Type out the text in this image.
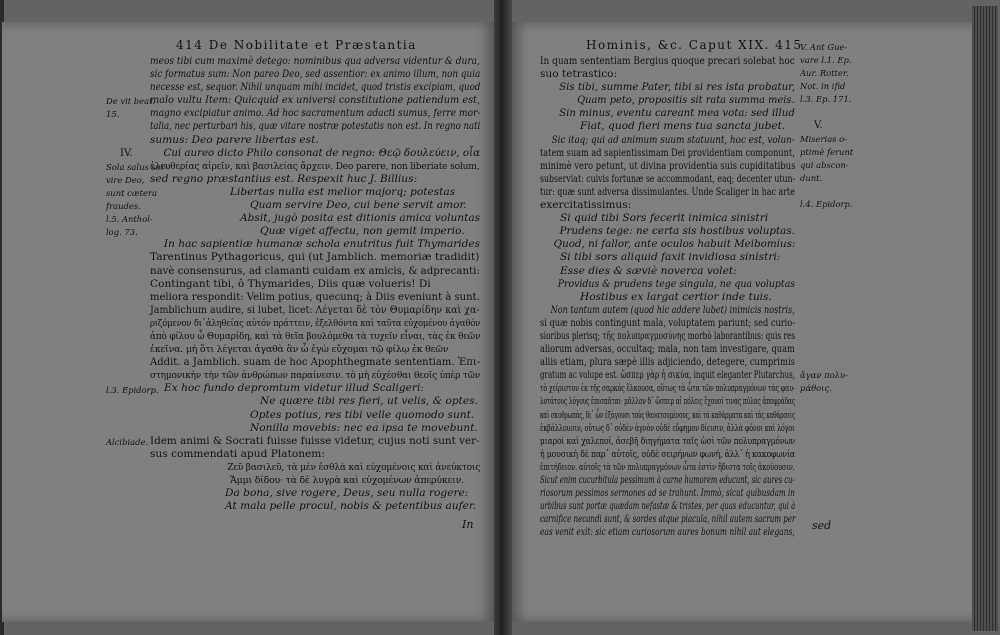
414 De Nobilitate et Præstantia	Hominis, &c. Caput XIX. 415
meos tibi cum maximè detego: nominibus qua adversa videntur & dura,
sic formatus sum: Non pareo Deo, sed assentior: ex animo illum, non quia
necesse est, sequor. Nihil unquam mihi incidet, quod tristis excipiam, quod
malo vultu Item: Quicquid ex universi constitutione patiendum est,
magno excipiatur animo. Ad hoc sacramentum adacti sumus, ferre mor-
talia, nec perturbari his, quæ vitare nostræ potestatis non est. In regno nati
sumus: Deo parere libertas est.
Cui aureo dicto Philo consonat de regno: Θεῷ δουλεύειν, οἷα
ἐλευθερίας αἰρεῖν, καὶ βασιλείας ἄρχειν. Deo parere, non liberiate solum,
sed regno præstantius est. Respexit huc J. Billius:
Libertas nulla est melior majorq; potestas
Quam servire Deo, cui bene servit amor.
Absit, jugò posita est ditionis amica voluntas
Quæ viget affectu, non gemit imperio.
In hac sapientiæ humanæ schola enutritus fuit Thymarides
Tarentinus Pythagoricus, qui (ut Jamblich. memoriæ tradidit)
navè consensurus, ad clamanti cuidam ex amicis, & adprecanti:
Contingant tibi, ô Thymarides, Diis quæ volueris! Di
meliora respondit: Velim potius, quecunq; à Diis eveniunt à sunt.
Jamblichum audire, si lubet, licet: Λέγεται δὲ τὸν Θυμαρίδην καὶ χα-
ριζόμενον δι᾽ἀληθείας αὐτόν πράττειν, ἐξελθόντα καὶ ταῦτα εὐχομένου ἀγαθόν
ἀπὸ φίλου ὦ Θυμαρίδη, καὶ τὰ θεῖα βουλόμεθα τὰ τυχεῖν εἶναι, τὰς ἐκ θεῶν
ἐκεῖνα. μὴ ὅτι λέγεται ἀγαθὰ ἃν ὦ ἐγὼ εὔχομαι τῷ φίλῳ ἐκ θεῶν
Addit. a Jamblich. suam de hoc Apophthegmate sententiam. Ἐπι-
στημονικὴν τὴν τῶν ἀνθρώπων παραίνεσιν. τὸ μὴ εὐχέσθαι θεοῖς ὑπὲρ τῶν
Ex hoc fundo depromtum videtur illud Scaligeri:
Ne quære tibi res fieri, ut velis, & optes.
Optes potius, res tibi velle quomodo sunt.
Nonilla movebis: nec ea ipsa te movebunt.
Idem animi & Socrati fuisse fuisse videtur, cujus noti sunt ver-
sus commendati apud Platonem:
Ζεῦ βασιλεῦ, τὰ μὲν ἐσθλὰ καὶ εὐχομένοις καὶ ἀνεύκτοις
Ἄμμι δίδου· τὰ δὲ λυγρὰ καὶ εὐχομένων ἀπερύκειν.
Da bona, sive rogere, Deus, seu nulla rogere:
At mala pelle procul, nobis & petentibus aufer.
In quam sententiam Bergius quoque precari solebat hoc
suo tetrastico:
Sis tibi, summe Pater, tibi si res ista probatur,
Quam peto, propositis sit rata summa meis.
Sin minus, eventu careant mea vota: sed illud
Fiat, quod fieri mens tua sancta jubet.
Sic itaq; qui ad animum suum statuunt, hoc est, volun-
tatem suam ad sapientissimam Dei providentiam componunt,
minimè vero petunt, ut divina providentia suis cupiditatibus
subserviat: cuivis fortunæ se accommodant, eaq; decenter utun-
tur: quæ sunt adversa dissimulantes. Unde Scaliger in hac arte
exercitatissimus:
Si quid tibi Sors fecerit inimica sinistri
Prudens tege: ne certa sis hostibus voluptas.
Quod, ni fallor, ante oculos habuit Meibomius:
Si tibi sors aliquid faxit invidiosa sinistri:
Esse dies & sæviè noverca volet:
Providus & prudens tege singula, ne qua voluptas
Hostibus ex largat certior inde tuis.
Non tantum autem (quod hic addere lubet) inimicis nostris,
si quæ nobis contingunt mala, voluptatem pariunt; sed curio-
sioribus plerisq; τῆς πολυπραγμοσύνης morbò laborantibus: quis res
aliorum adversas, occultaq; mala, non tam investigare, quam
aliis etiam, plura sæpè illis adjiciendo, detegere, cumprimis
gratum ac volupe est. ὥσπερ γὰρ ἡ σικύα, inquit eleganter Plutarchus,
τὸ χείριστον ἐκ τῆς σαρκὸς ἕλκουσα, οὕτως τὰ ὦτα τῶν πολυπραγμόνων τὰς φαυ-
λοτάτους λόγους ἐπισπᾶται· μᾶλλον δ᾽ ὥσπερ αἱ πόλεις ἔχουσί τινας πύλας ἀποφράδας
καὶ σκυθρωπὰς, δι᾽ ὧν ἐξάγουσι τοὺς θανατουμένους, καὶ τὰ καθάρματα καὶ τὰς καθάρσεις
ἐκβάλλουσιν, οὕτως δ᾽ οὐδὲν ἁγνὸν οὐδὲ εὔφημον δίεισιν, ἀλλὰ φόνοι καὶ λόγοι
μιαροὶ καὶ χαλεποί, ἀσεβῆ διηγήματα ταῖς ὠσὶ τῶν πολυπραγμόνων
ἡ μουσικὴ δὲ παρ᾽ αὐτοῖς, οὐδὲ σειρήνων φωνή, ἀλλ᾽ ἡ κακοφωνία
ἐπιτήδειον. αὐτοῖς τὰ τῶν πολυπραγμόνων ὦτα ἐστὶν ἥδιστα τοῖς ἀκούουσιν.
Sicut enim cucurbitula pessimum à carne humorem educunt, sic aures cu-
riosorum pessimos sermones ad se trahunt. Immò, sicut quibusdam in
urbibus sunt portæ quædam nefastæ & tristes, per quas educuntur, qui à
carnifice necandi sunt, & sordes atque piacula, nihil autem sacrum per
eas venit exit: sic etiam curiosorum aures bonum nihil aut elegans,
De vit beat.
15.
IV.
Sola salus ser-
vire Deo,
sunt cætera
fraudes.
l.5. Anthol-
log. 73.
l.3. Epidorp.
Alcibiade.
V. Ant Gue-
vare l.1. Ep.
Aur. Rotter.
Not. in ifid
l.3. Ep. 171.
V.
Miserias o-
ptimè ferunt
qui abscon-
dunt.
l.4. Epidorp.
ἄγαν πολυ-
μάθοις.
In	sed
